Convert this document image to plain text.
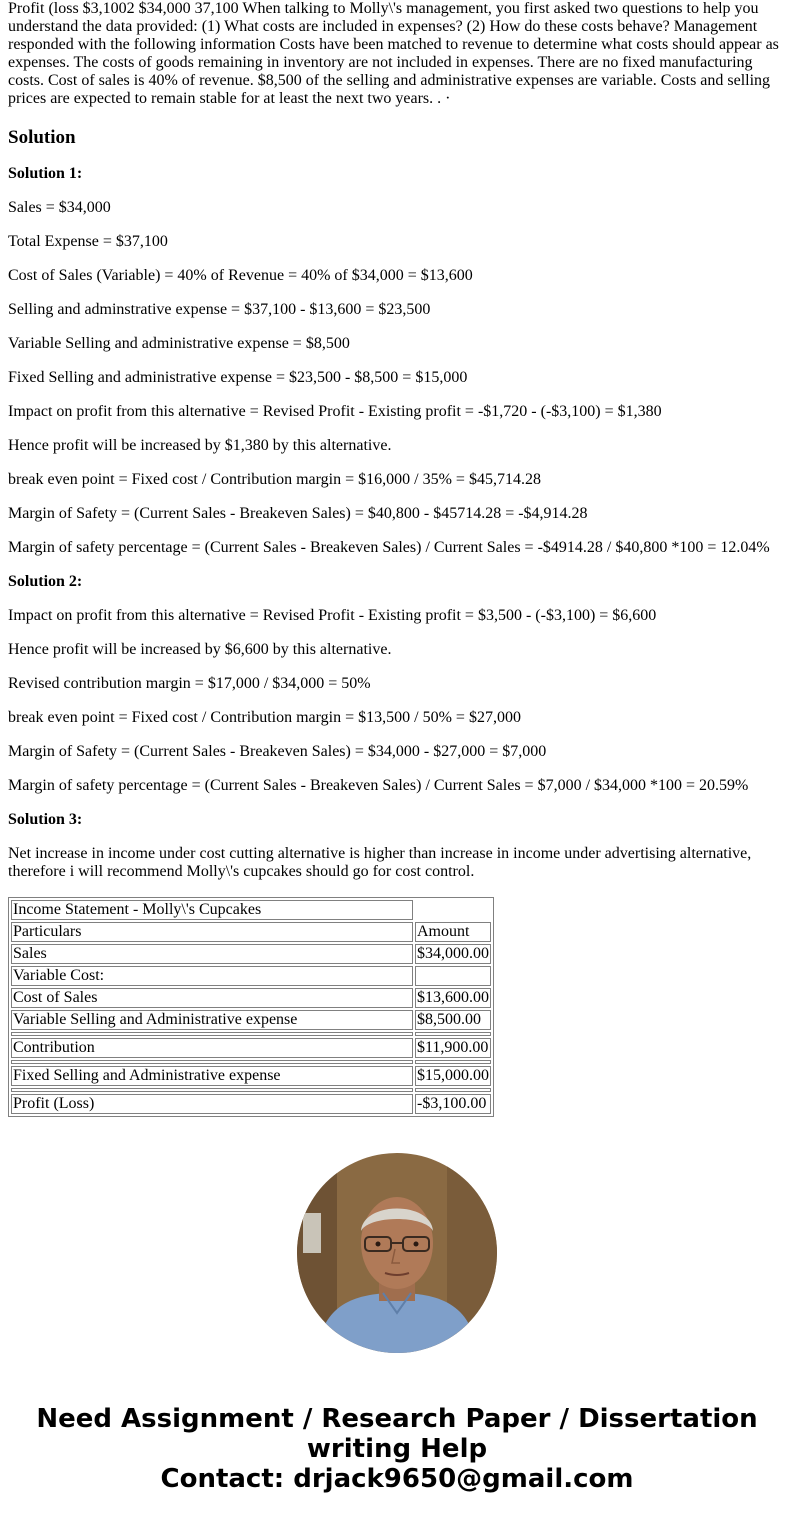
Profit (loss $3,1002 $34,000 37,100 When talking to Molly\'s management, you first asked two questions to help you understand the data provided: (1) What costs are included in expenses? (2) How do these costs behave? Management responded with the following information Costs have been matched to revenue to determine what costs should appear as expenses. The costs of goods remaining in inventory are not included in expenses. There are no fixed manufacturing costs. Cost of sales is 40% of revenue. $8,500 of the selling and administrative expenses are variable. Costs and selling prices are expected to remain stable for at least the next two years. . ·

Solution

Solution 1:

Sales = $34,000

Total Expense = $37,100

Cost of Sales (Variable) = 40% of Revenue = 40% of $34,000 = $13,600

Selling and adminstrative expense = $37,100 - $13,600 = $23,500

Variable Selling and administrative expense = $8,500

Fixed Selling and administrative expense = $23,500 - $8,500 = $15,000

Impact on profit from this alternative = Revised Profit - Existing profit = -$1,720 - (-$3,100) = $1,380

Hence profit will be increased by $1,380 by this alternative.

break even point = Fixed cost / Contribution margin = $16,000 / 35% = $45,714.28

Margin of Safety = (Current Sales - Breakeven Sales) = $40,800 - $45714.28 = -$4,914.28

Margin of safety percentage = (Current Sales - Breakeven Sales) / Current Sales = -$4914.28 / $40,800 *100 = 12.04%

Solution 2:

Impact on profit from this alternative = Revised Profit - Existing profit = $3,500 - (-$3,100) = $6,600

Hence profit will be increased by $6,600 by this alternative.

Revised contribution margin = $17,000 / $34,000 = 50%

break even point = Fixed cost / Contribution margin = $13,500 / 50% = $27,000

Margin of Safety = (Current Sales - Breakeven Sales) = $34,000 - $27,000 = $7,000

Margin of safety percentage = (Current Sales - Breakeven Sales) / Current Sales = $7,000 / $34,000 *100 = 20.59%

Solution 3:

Net increase in income under cost cutting alternative is higher than increase in income under advertising alternative, therefore i will recommend Molly\'s cupcakes should go for cost control.

Income Statement - Molly\'s Cupcakes	
Particulars	Amount
Sales	$34,000.00
Variable Cost:	
Cost of Sales	$13,600.00
Variable Selling and Administrative expense	$8,500.00

Contribution	$11,900.00

Fixed Selling and Administrative expense	$15,000.00

Profit (Loss)	-$3,100.00
Need Assignment / Research Paper / Dissertation
writing Help
Contact: drjack9650@gmail.com
